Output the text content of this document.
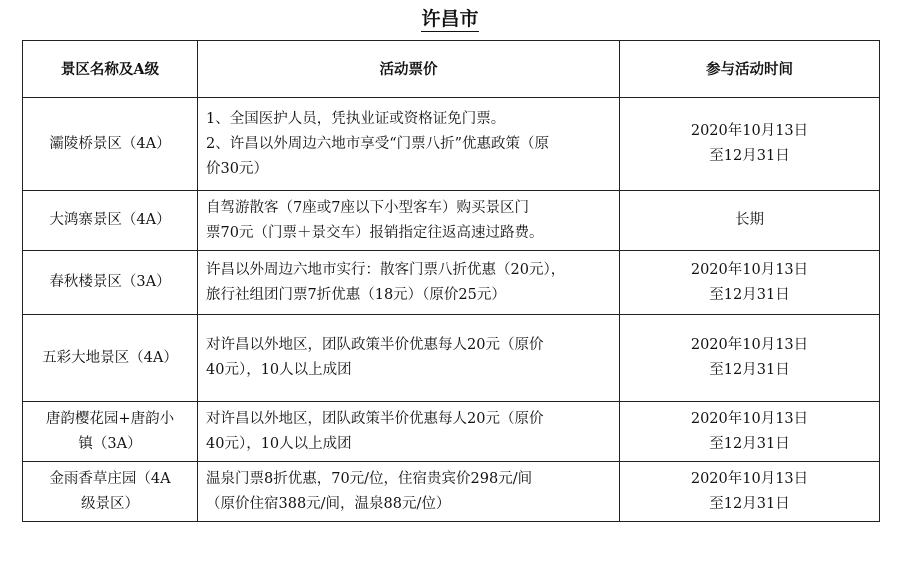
许昌市
景区名称及A级	活动票价	参与活动时间

灞陵桥景区（4A）	1、全国医护人员，凭执业证或资格证免门票。
2、许昌以外周边六地市享受“门票八折”优惠政策（原
价30元）	2020年10月13日
至12月31日

大鸿寨景区（4A）	自驾游散客（7座或7座以下小型客车）购买景区门
票70元（门票＋景交车）报销指定往返高速过路费。	长期

春秋楼景区（3A）	许昌以外周边六地市实行：散客门票八折优惠（20元），
旅行社组团门票7折优惠（18元）（原价25元）	2020年10月13日
至12月31日

五彩大地景区（4A）	对许昌以外地区，团队政策半价优惠每人20元（原价
40元），10人以上成团	2020年10月13日
至12月31日

唐韵樱花园+唐韵小
镇（3A）	对许昌以外地区，团队政策半价优惠每人20元（原价
40元），10人以上成团	2020年10月13日
至12月31日

金雨香草庄园（4A
级景区）	温泉门票8折优惠，70元/位，住宿贵宾价298元/间
（原价住宿388元/间，温泉88元/位）	2020年10月13日
至12月31日
